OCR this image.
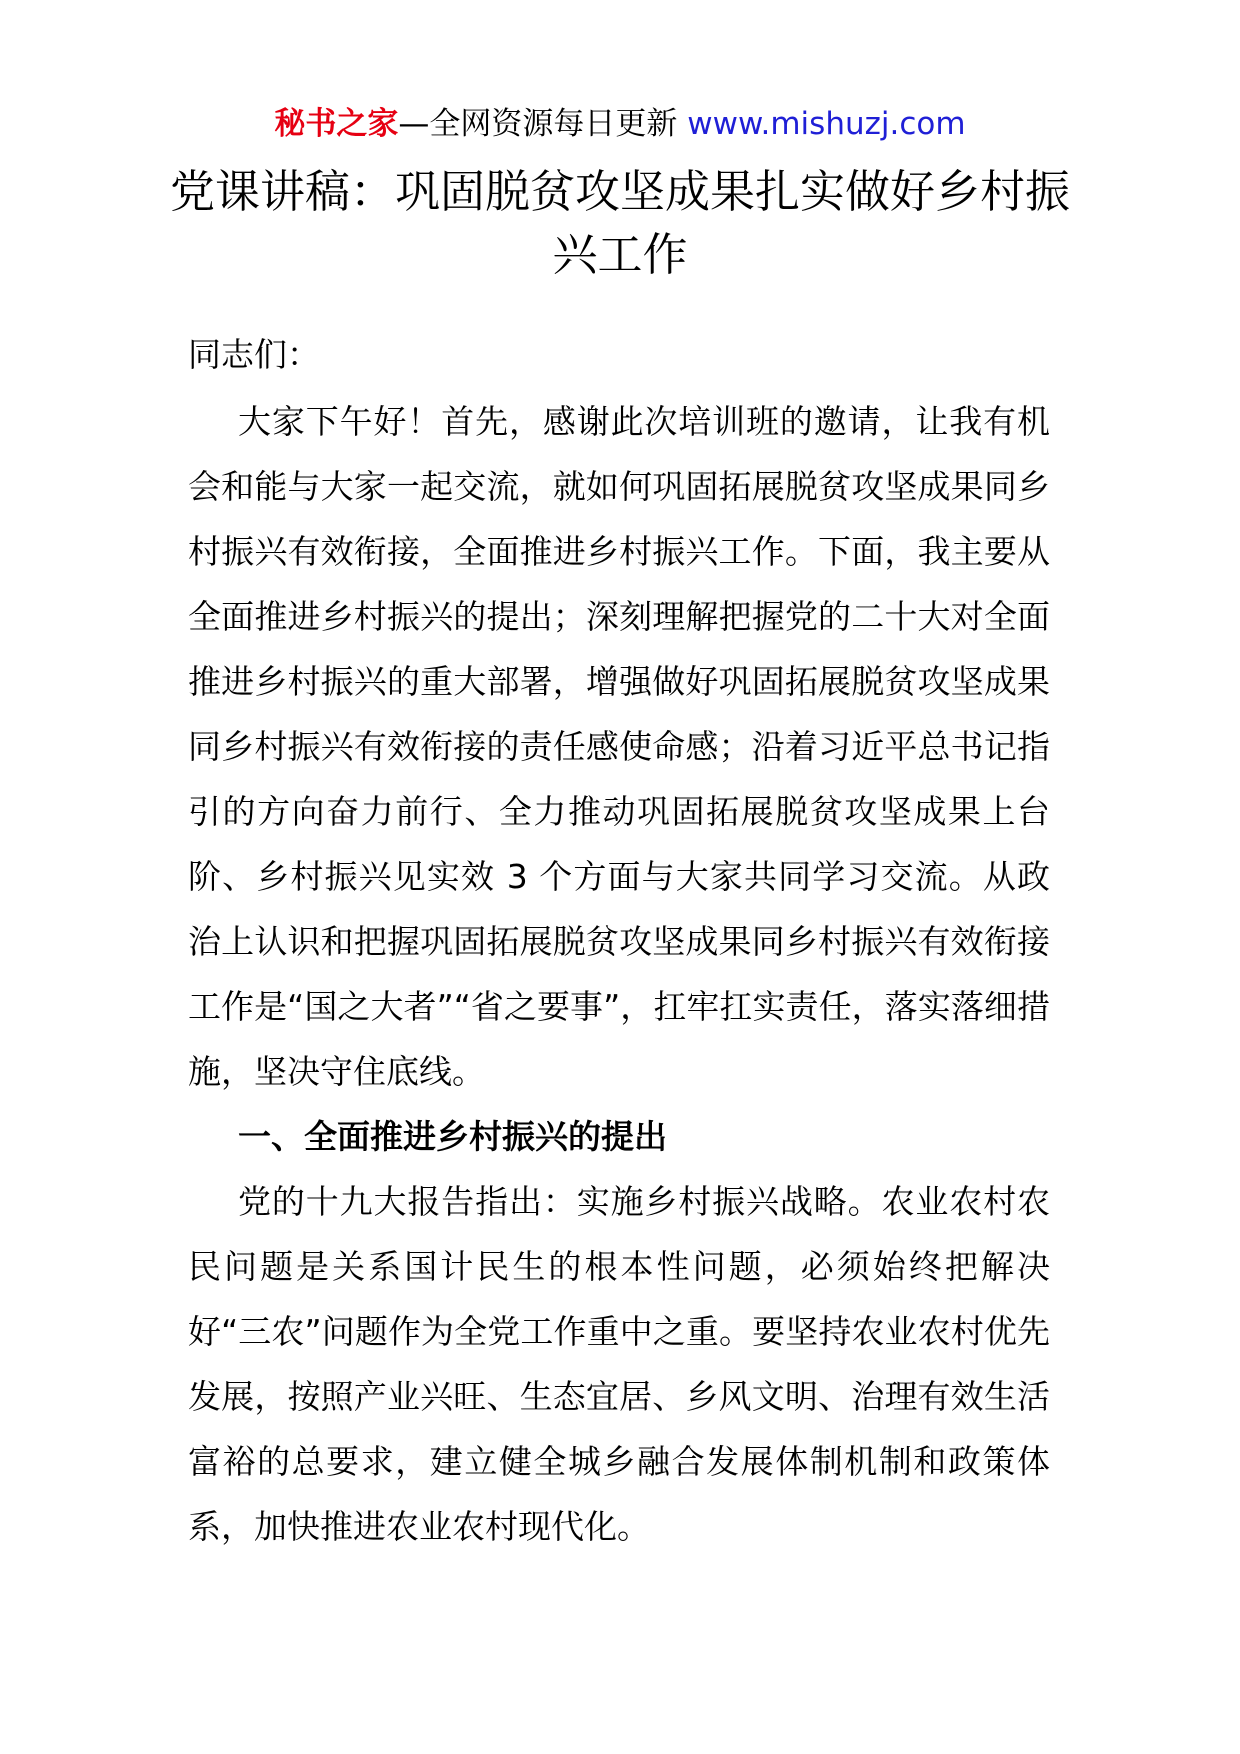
秘书之家—全网资源每日更新 www.mishuzj.com
党课讲稿：巩固脱贫攻坚成果扎实做好乡村振兴工作

同志们：

大家下午好！首先，感谢此次培训班的邀请，让我有机会和能与大家一起交流，就如何巩固拓展脱贫攻坚成果同乡村振兴有效衔接，全面推进乡村振兴工作。下面，我主要从全面推进乡村振兴的提出；深刻理解把握党的二十大对全面推进乡村振兴的重大部署，增强做好巩固拓展脱贫攻坚成果同乡村振兴有效衔接的责任感使命感；沿着习近平总书记指引的方向奋力前行、全力推动巩固拓展脱贫攻坚成果上台阶、乡村振兴见实效 3 个方面与大家共同学习交流。从政治上认识和把握巩固拓展脱贫攻坚成果同乡村振兴有效衔接工作是“国之大者”“省之要事”，扛牢扛实责任，落实落细措施，坚决守住底线。

一、全面推进乡村振兴的提出

党的十九大报告指出：实施乡村振兴战略。农业农村农民问题是关系国计民生的根本性问题，必须始终把解决好“三农”问题作为全党工作重中之重。要坚持农业农村优先发展，按照产业兴旺、生态宜居、乡风文明、治理有效生活富裕的总要求，建立健全城乡融合发展体制机制和政策体系，加快推进农业农村现代化。
